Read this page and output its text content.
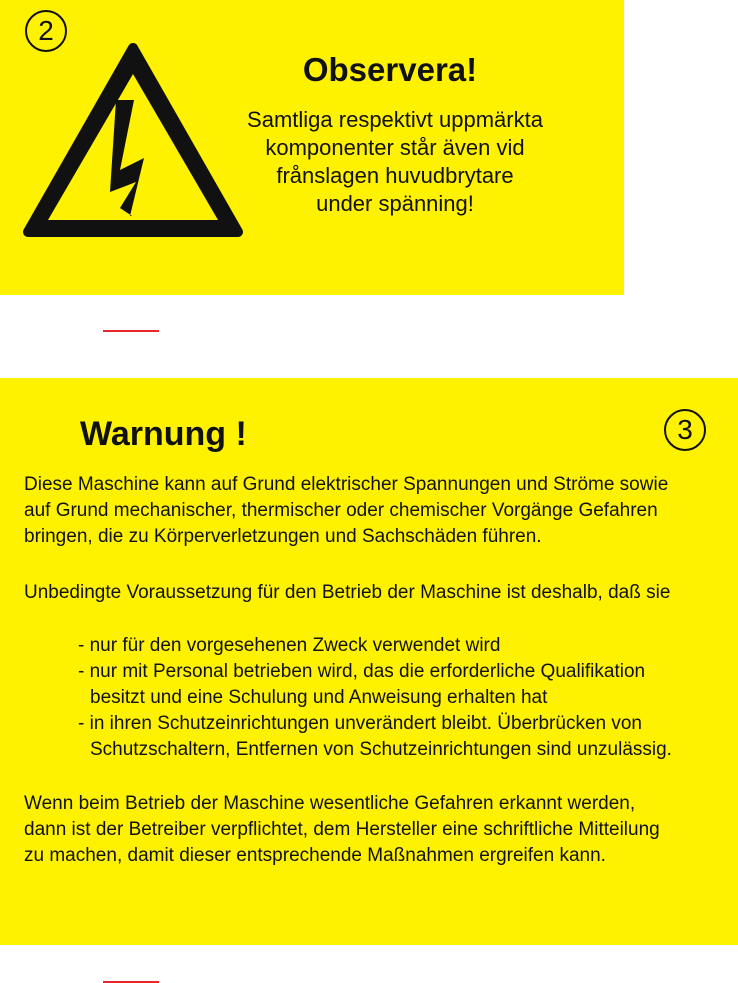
2
Observera!
Samtliga respektivt uppmärkta
komponenter står även vid
frånslagen huvudbrytare
under spänning!
Warnung !	3
Diese Maschine kann auf Grund elektrischer Spannungen und Ströme sowie
auf Grund mechanischer, thermischer oder chemischer Vorgänge Gefahren
bringen, die zu Körperverletzungen und Sachschäden führen.
Unbedingte Voraussetzung für den Betrieb der Maschine ist deshalb, daß sie
- nur für den vorgesehenen Zweck verwendet wird
- nur mit Personal betrieben wird, das die erforderliche Qualifikation
besitzt und eine Schulung und Anweisung erhalten hat
- in ihren Schutzeinrichtungen unverändert bleibt. Überbrücken von
Schutzschaltern, Entfernen von Schutzeinrichtungen sind unzulässig.
Wenn beim Betrieb der Maschine wesentliche Gefahren erkannt werden,
dann ist der Betreiber verpflichtet, dem Hersteller eine schriftliche Mitteilung
zu machen, damit dieser entsprechende Maßnahmen ergreifen kann.
